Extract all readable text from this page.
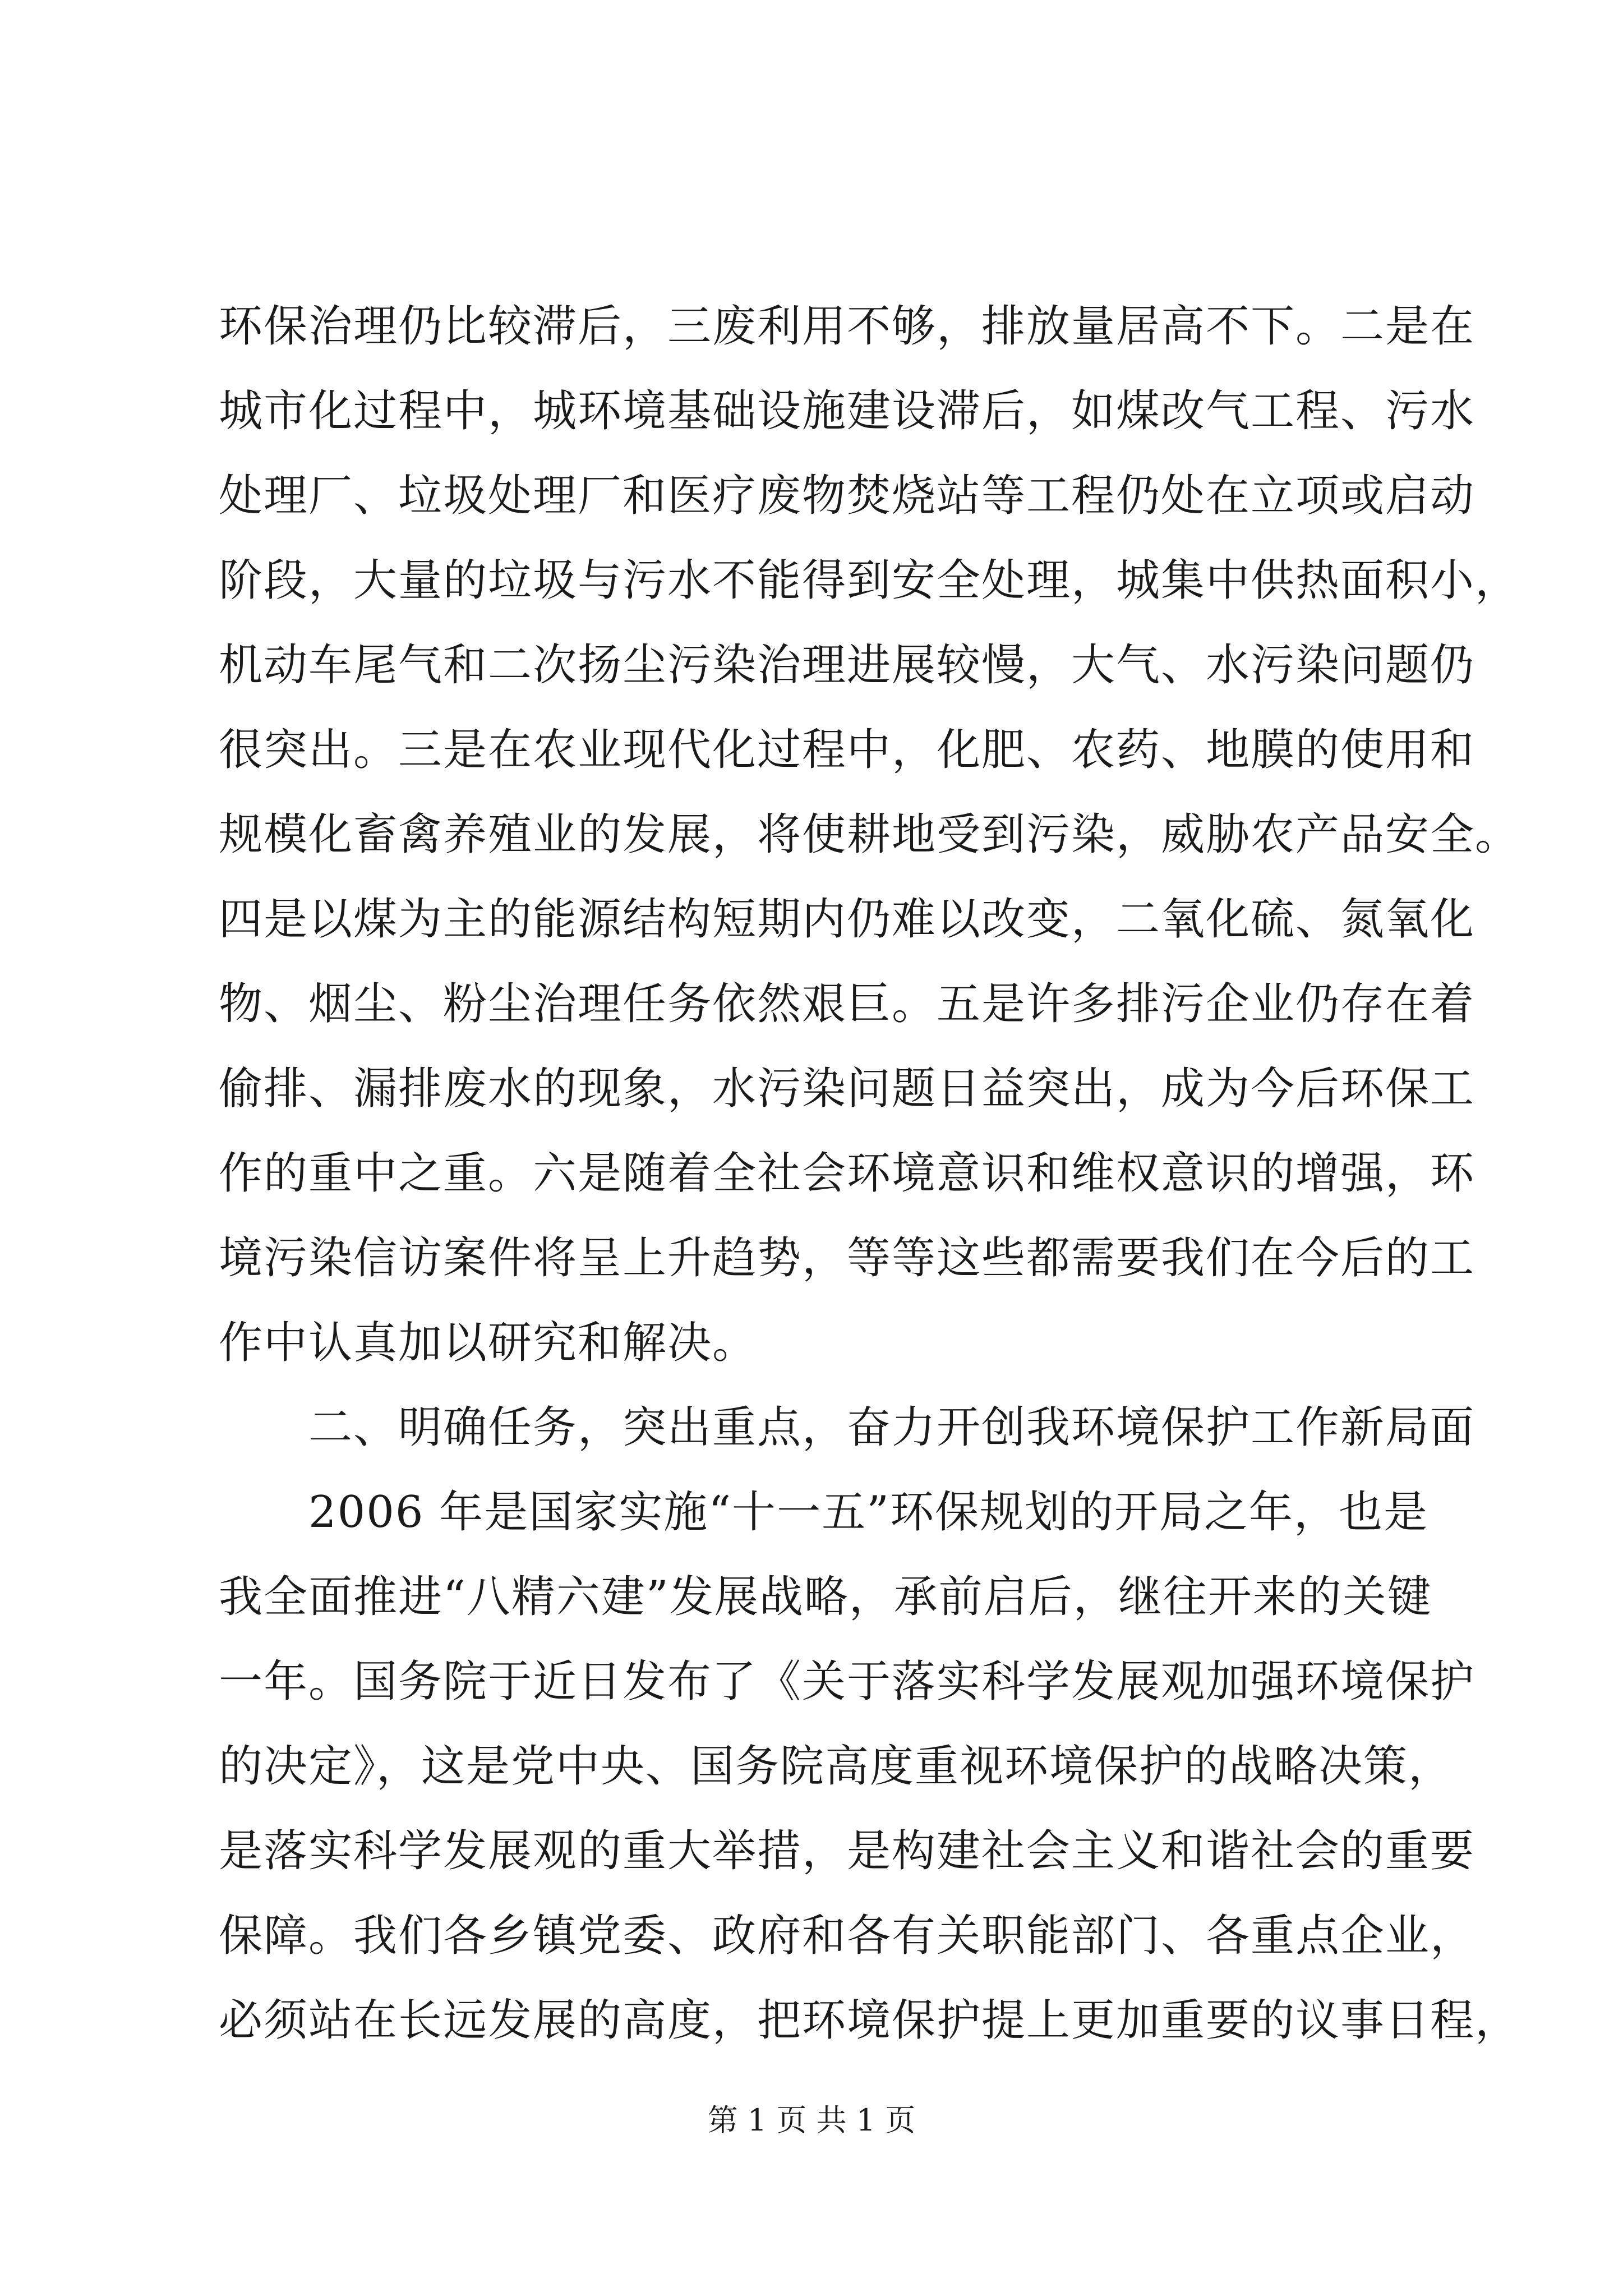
环保治理仍比较滞后，三废利用不够，排放量居高不下。二是在
城市化过程中，城环境基础设施建设滞后，如煤改气工程、污水
处理厂、垃圾处理厂和医疗废物焚烧站等工程仍处在立项或启动
阶段，大量的垃圾与污水不能得到安全处理，城集中供热面积小，
机动车尾气和二次扬尘污染治理进展较慢，大气、水污染问题仍
很突出。三是在农业现代化过程中，化肥、农药、地膜的使用和
规模化畜禽养殖业的发展，将使耕地受到污染，威胁农产品安全。
四是以煤为主的能源结构短期内仍难以改变，二氧化硫、氮氧化
物、烟尘、粉尘治理任务依然艰巨。五是许多排污企业仍存在着
偷排、漏排废水的现象，水污染问题日益突出，成为今后环保工
作的重中之重。六是随着全社会环境意识和维权意识的增强，环
境污染信访案件将呈上升趋势，等等这些都需要我们在今后的工
作中认真加以研究和解决。
　　二、明确任务，突出重点，奋力开创我环境保护工作新局面
　　2006 年是国家实施“十一五”环保规划的开局之年，也是
我全面推进“八精六建”发展战略，承前启后，继往开来的关键
一年。国务院于近日发布了《关于落实科学发展观加强环境保护
的决定》，这是党中央、国务院高度重视环境保护的战略决策，
是落实科学发展观的重大举措，是构建社会主义和谐社会的重要
保障。我们各乡镇党委、政府和各有关职能部门、各重点企业，
必须站在长远发展的高度，把环境保护提上更加重要的议事日程，
第 1 页 共 1 页
